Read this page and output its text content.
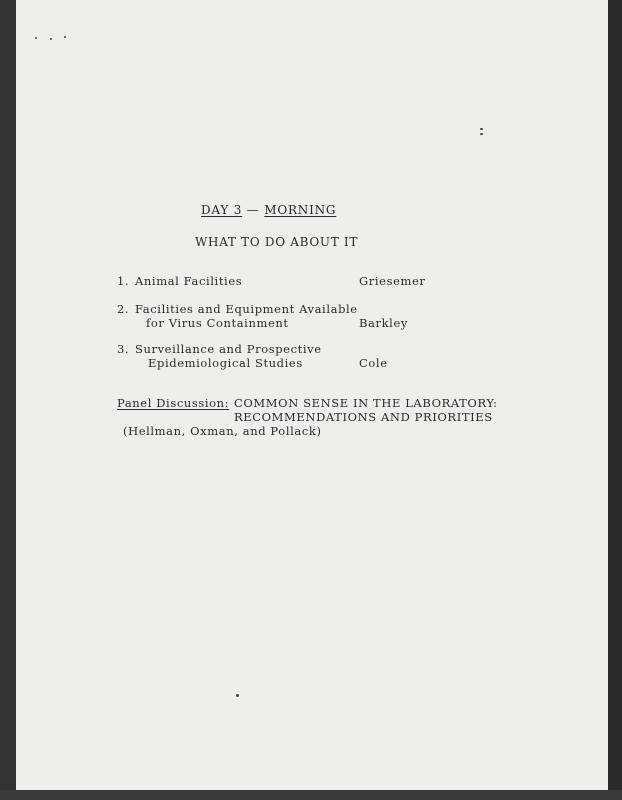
DAY 3 — MORNING
WHAT TO DO ABOUT IT
1. Animal Facilities	Griesemer
2. Facilities and Equipment Available
for Virus Containment	Barkley
3. Surveillance and Prospective
Epidemiological Studies	Cole
Panel Discussion: COMMON SENSE IN THE LABORATORY:
RECOMMENDATIONS AND PRIORITIES
(Hellman, Oxman, and Pollack)
